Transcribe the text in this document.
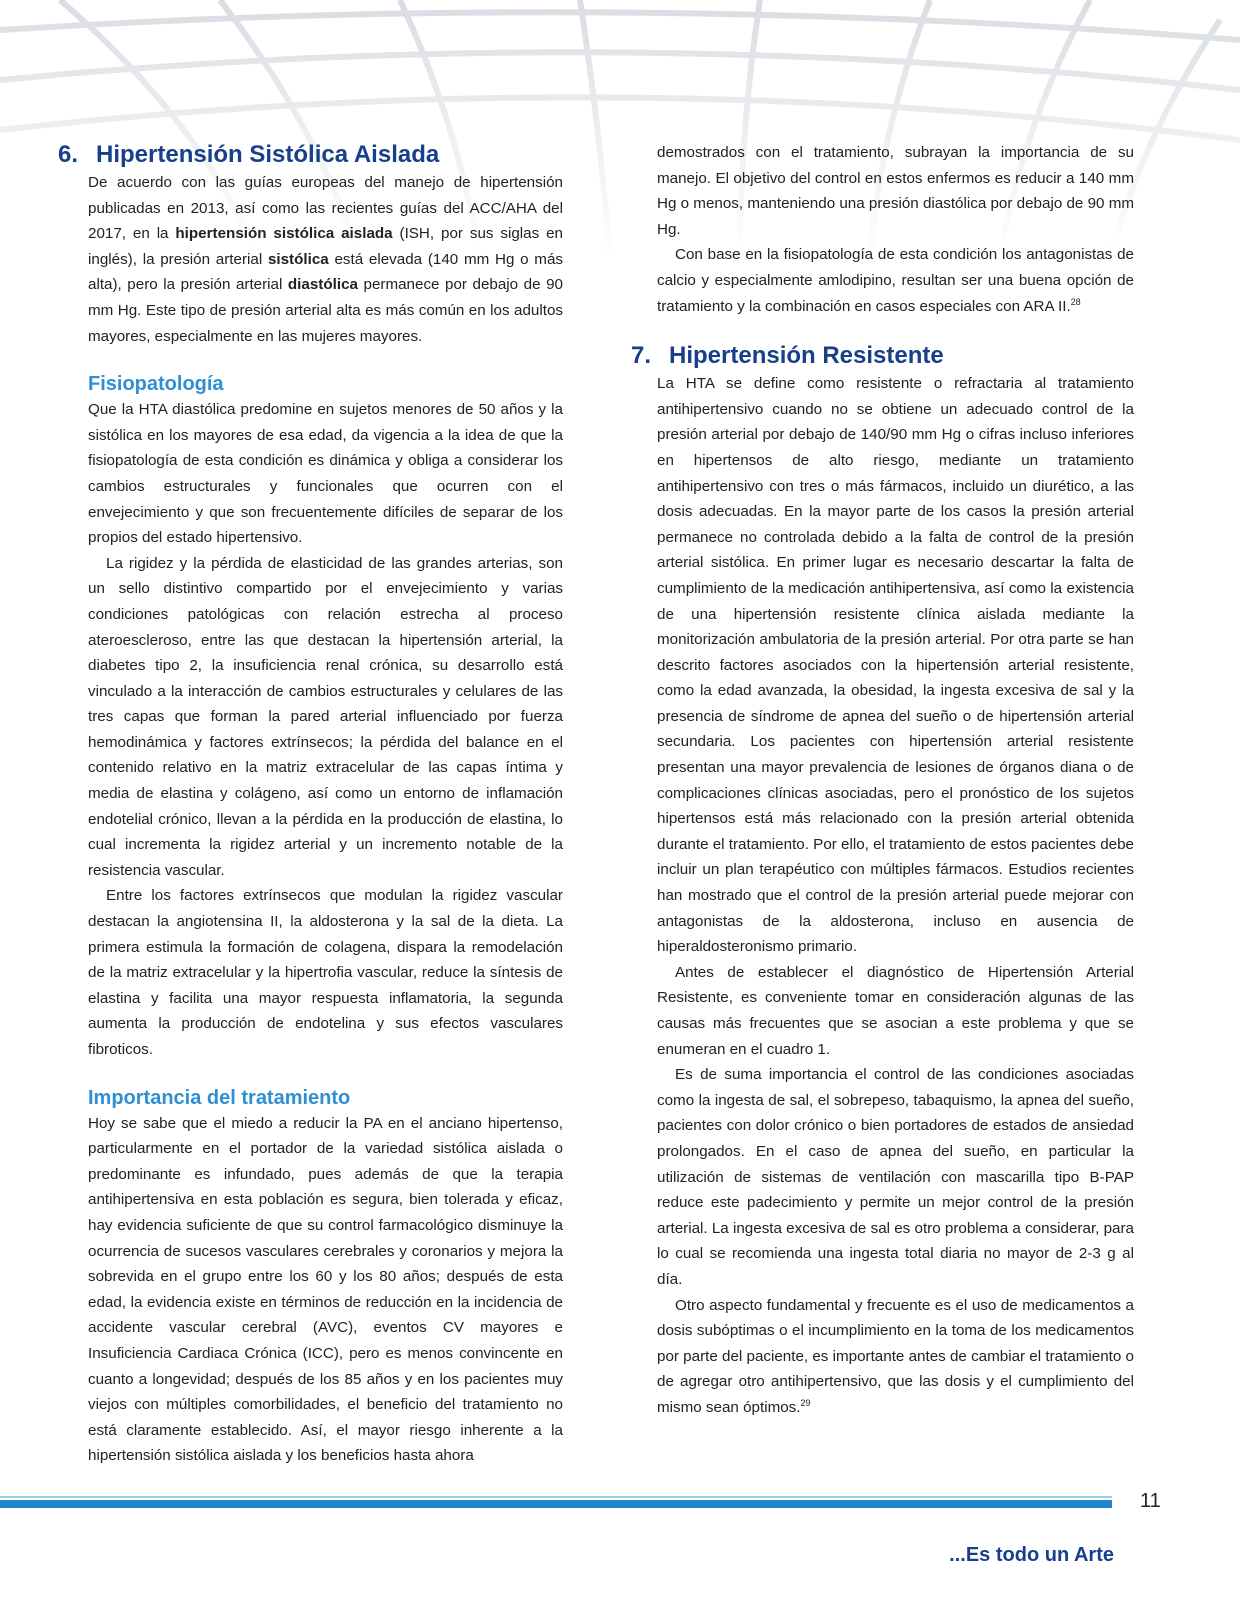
6. Hipertensión Sistólica Aislada

De acuerdo con las guías europeas del manejo de hipertensión publicadas en 2013, así como las recientes guías del ACC/AHA del 2017, en la hipertensión sistólica aislada (ISH, por sus siglas en inglés), la presión arterial sistólica está elevada (140 mm Hg o más alta), pero la presión arterial diastólica permanece por debajo de 90 mm Hg. Este tipo de presión arterial alta es más común en los adultos mayores, especialmente en las mujeres mayores.

Fisiopatología

Que la HTA diastólica predomine en sujetos menores de 50 años y la sistólica en los mayores de esa edad, da vigencia a la idea de que la fisiopatología de esta condición es dinámica y obliga a considerar los cambios estructurales y funcionales que ocurren con el envejecimiento y que son frecuentemente difíciles de separar de los propios del estado hipertensivo.

La rigidez y la pérdida de elasticidad de las grandes arterias, son un sello distintivo compartido por el envejecimiento y varias condiciones patológicas con relación estrecha al proceso ateroesclerosο, entre las que destacan la hipertensión arterial, la diabetes tipo 2, la insuficiencia renal crónica, su desarrollo está vinculado a la interacción de cambios estructurales y celulares de las tres capas que forman la pared arterial influenciado por fuerza hemodinámica y factores extrínsecos; la pérdida del balance en el contenido relativo en la matriz extracelular de las capas íntima y media de elastina y colágeno, así como un entorno de inflamación endotelial crónico, llevan a la pérdida en la producción de elastina, lo cual incrementa la rigidez arterial y un incremento notable de la resistencia vascular.

Entre los factores extrínsecos que modulan la rigidez vascular destacan la angiotensina II, la aldosterona y la sal de la dieta. La primera estimula la formación de colagena, dispara la remodelación de la matriz extracelular y la hipertrofia vascular, reduce la síntesis de elastina y facilita una mayor respuesta inflamatoria, la segunda aumenta la producción de endotelina y sus efectos vasculares fibroticos.

Importancia del tratamiento

Hoy se sabe que el miedo a reducir la PA en el anciano hipertenso, particularmente en el portador de la variedad sistólica aislada o predominante es infundado, pues además de que la terapia antihipertensiva en esta población es segura, bien tolerada y eficaz, hay evidencia suficiente de que su control farmacológico disminuye la ocurrencia de sucesos vasculares cerebrales y coronarios y mejora la sobrevida en el grupo entre los 60 y los 80 años; después de esta edad, la evidencia existe en términos de reducción en la incidencia de accidente vascular cerebral (AVC), eventos CV mayores e Insuficiencia Cardiaca Crónica (ICC), pero es menos convincente en cuanto a longevidad; después de los 85 años y en los pacientes muy viejos con múltiples comorbilidades, el beneficio del tratamiento no está claramente establecido. Así, el mayor riesgo inherente a la hipertensión sistólica aislada y los beneficios hasta ahora

demostrados con el tratamiento, subrayan la importancia de su manejo. El objetivo del control en estos enfermos es reducir a 140 mm Hg o menos, manteniendo una presión diastólica por debajo de 90 mm Hg.

Con base en la fisiopatología de esta condición los antagonistas de calcio y especialmente amlodipino, resultan ser una buena opción de tratamiento y la combinación en casos especiales con ARA II.$^{28}$

7. Hipertensión Resistente

La HTA se define como resistente o refractaria al tratamiento antihipertensivo cuando no se obtiene un adecuado control de la presión arterial por debajo de 140/90 mm Hg o cifras incluso inferiores en hipertensos de alto riesgo, mediante un tratamiento antihipertensivo con tres o más fármacos, incluido un diurético, a las dosis adecuadas. En la mayor parte de los casos la presión arterial permanece no controlada debido a la falta de control de la presión arterial sistólica. En primer lugar es necesario descartar la falta de cumplimiento de la medicación antihipertensiva, así como la existencia de una hipertensión resistente clínica aislada mediante la monitorización ambulatoria de la presión arterial. Por otra parte se han descrito factores asociados con la hipertensión arterial resistente, como la edad avanzada, la obesidad, la ingesta excesiva de sal y la presencia de síndrome de apnea del sueño o de hipertensión arterial secundaria. Los pacientes con hipertensión arterial resistente presentan una mayor prevalencia de lesiones de órganos diana o de complicaciones clínicas asociadas, pero el pronóstico de los sujetos hipertensos está más relacionado con la presión arterial obtenida durante el tratamiento. Por ello, el tratamiento de estos pacientes debe incluir un plan terapéutico con múltiples fármacos. Estudios recientes han mostrado que el control de la presión arterial puede mejorar con antagonistas de la aldosterona, incluso en ausencia de hiperaldosteronismo primario.

Antes de establecer el diagnóstico de Hipertensión Arterial Resistente, es conveniente tomar en consideración algunas de las causas más frecuentes que se asocian a este problema y que se enumeran en el cuadro 1.

Es de suma importancia el control de las condiciones asociadas como la ingesta de sal, el sobrepeso, tabaquismo, la apnea del sueño, pacientes con dolor crónico o bien portadores de estados de ansiedad prolongados. En el caso de apnea del sueño, en particular la utilización de sistemas de ventilación con mascarilla tipo B-PAP reduce este padecimiento y permite un mejor control de la presión arterial. La ingesta excesiva de sal es otro problema a considerar, para lo cual se recomienda una ingesta total diaria no mayor de 2-3 g al día.

Otro aspecto fundamental y frecuente es el uso de medicamentos a dosis subóptimas o el incumplimiento en la toma de los medicamentos por parte del paciente, es importante antes de cambiar el tratamiento o de agregar otro antihipertensivo, que las dosis y el cumplimiento del mismo sean óptimos.$^{29}$

11
...Es todo un Arte
